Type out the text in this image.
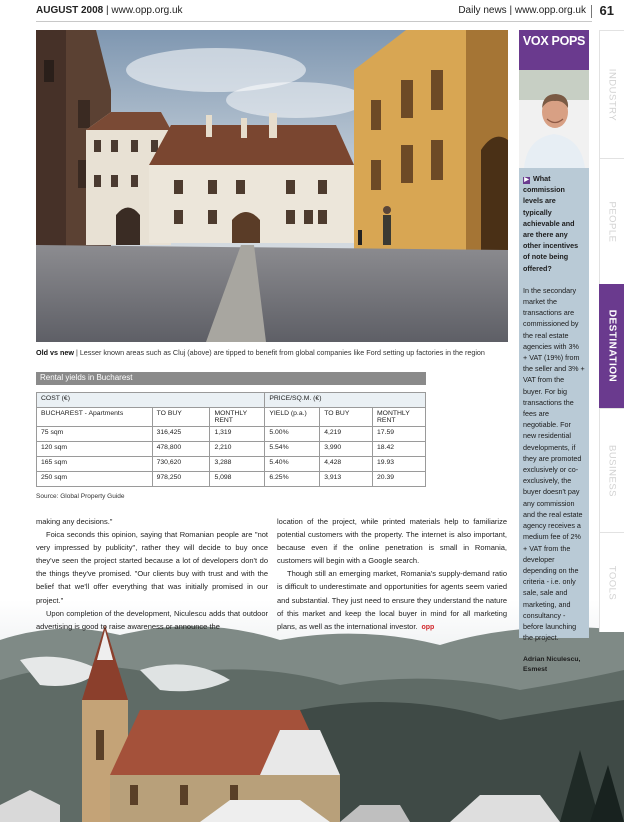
AUGUST 2008 | www.opp.org.uk	Daily news | www.opp.org.uk 61
Old vs new | Lesser known areas such as Cluj (above) are tipped to benefit from global companies like Ford setting up factories in the region
Rental yields in Bucharest
COST (€)			PRICE/SQ.M. (€)		
BUCHAREST - Apartments	TO BUY	MONTHLY RENT	YIELD (p.a.)	TO BUY	MONTHLY RENT
75 sqm	316,425	1,319	5.00%	4,219	17.59
120 sqm	478,800	2,210	5.54%	3,990	18.42
165 sqm	730,620	3,288	5.40%	4,428	19.93
250 sqm	978,250	5,098	6.25%	3,913	20.39
Source: Global Property Guide

making any decisions."

Foica seconds this opinion, saying that Romanian people are "not very impressed by publicity", rather they will decide to buy once they've seen the project started because a lot of developers don't do the things they've promised. "Our clients buy with trust and with the belief that we'll offer everything that was initially promised in our project."

Upon completion of the development, Niculescu adds that outdoor advertising is good to raise awareness or announce the

location of the project, while printed materials help to familiarize potential customers with the property. The internet is also important, because even if the online penetration is small in Romania, customers will begin with a Google search.

Though still an emerging market, Romania's supply-demand ratio is difficult to underestimate and opportunities for agents seem varied and substantial. They just need to ensure they understand the nature of this market and keep the local buyer in mind for all marketing plans, as well as the international investor. opp

VOX POPS

▶ What commission levels are typically achievable and are there any other incentives of note being offered?

In the secondary market the transactions are commissioned by the real estate agencies with 3% + VAT (19%) from the seller and 3% + VAT from the buyer. For big transactions the fees are negotiable. For new residential developments, if they are promoted exclusively or co-exclusively, the buyer doesn't pay any commission and the real estate agency receives a medium fee of 2% + VAT from the developer depending on the criteria - i.e. only sale, sale and marketing, and consultancy - before launching the project.

Adrian Niculescu,
Esmest

INDUSTRY
PEOPLE
DESTINATION
BUSINESS
TOOLS
